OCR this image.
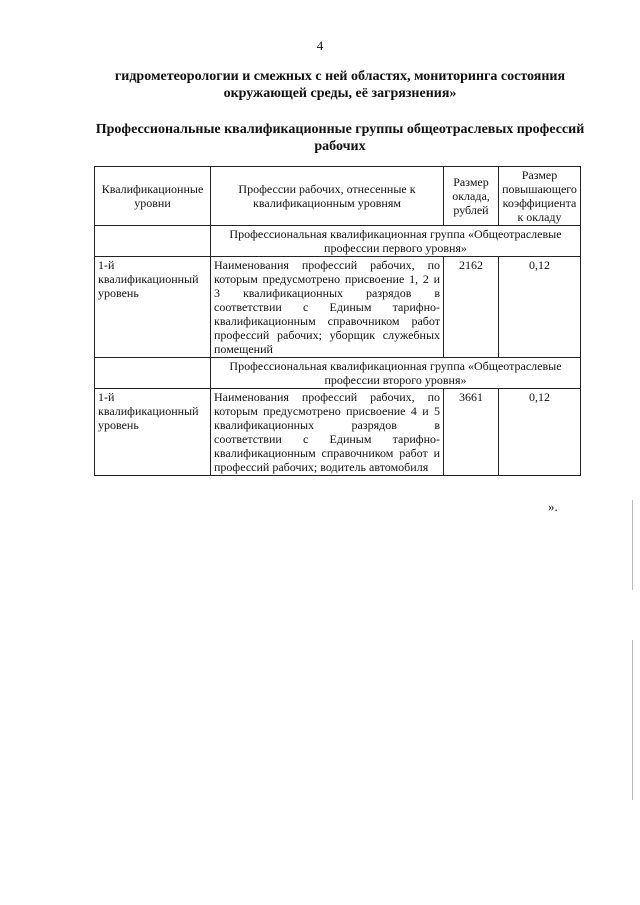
4
гидрометеорологии и смежных с ней областях, мониторинга состояния окружающей среды, её загрязнения»
Профессиональные квалификационные группы общеотраслевых профессий рабочих
Квалификационные уровни	Профессии рабочих, отнесенные к квалификационным уровням	Размер оклада, рублей	Размер повышающего коэффициента к окладу
	Профессиональная квалификационная группа «Общеотраслевые профессии первого уровня»		
1-й квалификационный уровень	Наименования профессий рабочих, по которым предусмотрено присвоение 1, 2 и 3 квалификационных разрядов в соответствии с Единым тарифно-квалификационным справочником работ профессий рабочих; уборщик служебных помещений	2162	0,12
	Профессиональная квалификационная группа «Общеотраслевые профессии второго уровня»		
1-й квалификационный уровень	Наименования профессий рабочих, по которым предусмотрено присвоение 4 и 5 квалификационных разрядов в соответствии с Единым тарифно-квалификационным справочником работ и профессий рабочих; водитель автомобиля	3661	0,12
».
